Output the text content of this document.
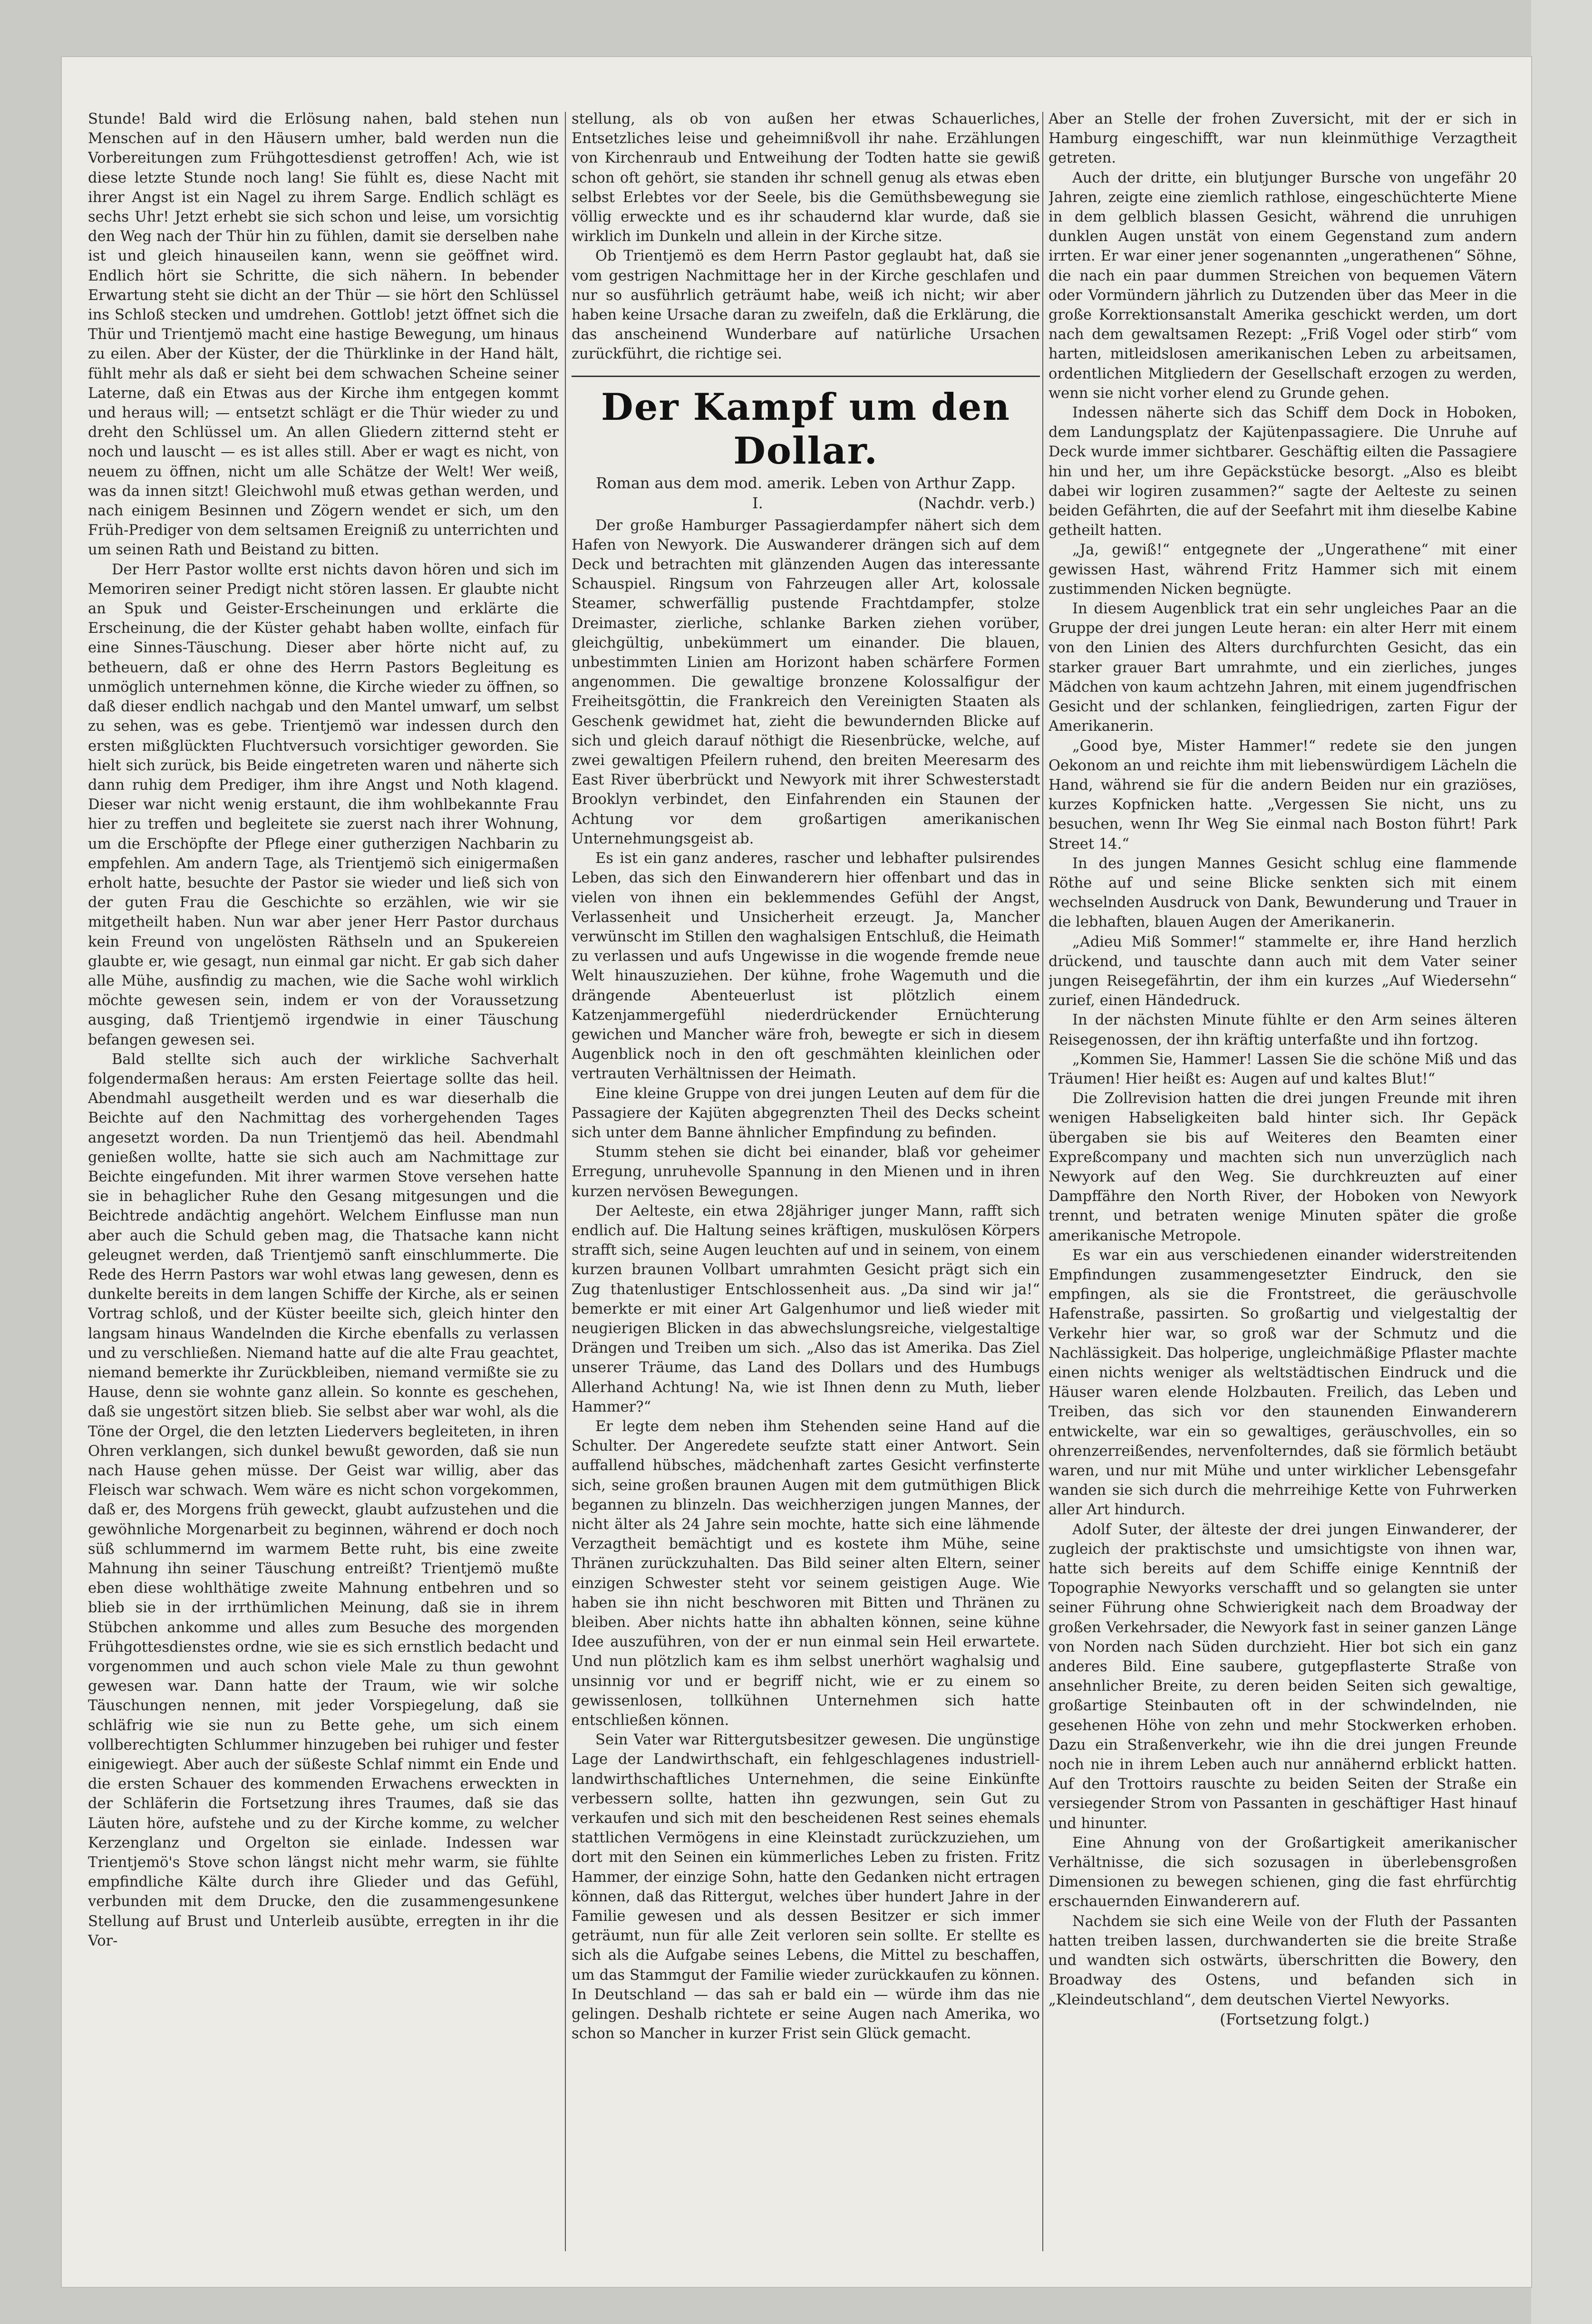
Stunde! Bald wird die Erlösung nahen, bald stehen nun Menschen auf in den Häusern umher, bald werden nun die Vorbereitungen zum Frühgottesdienst getroffen! Ach, wie ist diese letzte Stunde noch lang! Sie fühlt es, diese Nacht mit ihrer Angst ist ein Nagel zu ihrem Sarge. Endlich schlägt es sechs Uhr! Jetzt erhebt sie sich schon und leise, um vorsichtig den Weg nach der Thür hin zu fühlen, damit sie derselben nahe ist und gleich hinauseilen kann, wenn sie geöffnet wird. Endlich hört sie Schritte, die sich nähern. In bebender Erwartung steht sie dicht an der Thür — sie hört den Schlüssel ins Schloß stecken und umdrehen. Gottlob! jetzt öffnet sich die Thür und Trientjemö macht eine hastige Bewegung, um hinaus zu eilen. Aber der Küster, der die Thürklinke in der Hand hält, fühlt mehr als daß er sieht bei dem schwachen Scheine seiner Laterne, daß ein Etwas aus der Kirche ihm entgegen kommt und heraus will; — entsetzt schlägt er die Thür wieder zu und dreht den Schlüssel um. An allen Gliedern zitternd steht er noch und lauscht — es ist alles still. Aber er wagt es nicht, von neuem zu öffnen, nicht um alle Schätze der Welt! Wer weiß, was da innen sitzt! Gleichwohl muß etwas gethan werden, und nach einigem Besinnen und Zögern wendet er sich, um den Früh-Prediger von dem seltsamen Ereigniß zu unterrichten und um seinen Rath und Beistand zu bitten.

Der Herr Pastor wollte erst nichts davon hören und sich im Memoriren seiner Predigt nicht stören lassen. Er glaubte nicht an Spuk und Geister-Erscheinungen und erklärte die Erscheinung, die der Küster gehabt haben wollte, einfach für eine Sinnes-Täuschung. Dieser aber hörte nicht auf, zu betheuern, daß er ohne des Herrn Pastors Begleitung es unmöglich unternehmen könne, die Kirche wieder zu öffnen, so daß dieser endlich nachgab und den Mantel umwarf, um selbst zu sehen, was es gebe. Trientjemö war indessen durch den ersten mißglückten Fluchtversuch vorsichtiger geworden. Sie hielt sich zurück, bis Beide eingetreten waren und näherte sich dann ruhig dem Prediger, ihm ihre Angst und Noth klagend. Dieser war nicht wenig erstaunt, die ihm wohlbekannte Frau hier zu treffen und begleitete sie zuerst nach ihrer Wohnung, um die Erschöpfte der Pflege einer gutherzigen Nachbarin zu empfehlen. Am andern Tage, als Trientjemö sich einigermaßen erholt hatte, besuchte der Pastor sie wieder und ließ sich von der guten Frau die Geschichte so erzählen, wie wir sie mitgetheilt haben. Nun war aber jener Herr Pastor durchaus kein Freund von ungelösten Räthseln und an Spukereien glaubte er, wie gesagt, nun einmal gar nicht. Er gab sich daher alle Mühe, ausfindig zu machen, wie die Sache wohl wirklich möchte gewesen sein, indem er von der Voraussetzung ausging, daß Trientjemö irgendwie in einer Täuschung befangen gewesen sei.

Bald stellte sich auch der wirkliche Sachverhalt folgendermaßen heraus: Am ersten Feiertage sollte das heil. Abendmahl ausgetheilt werden und es war dieserhalb die Beichte auf den Nachmittag des vorhergehenden Tages angesetzt worden. Da nun Trientjemö das heil. Abendmahl genießen wollte, hatte sie sich auch am Nachmittage zur Beichte eingefunden. Mit ihrer warmen Stove versehen hatte sie in behaglicher Ruhe den Gesang mitgesungen und die Beichtrede andächtig angehört. Welchem Einflusse man nun aber auch die Schuld geben mag, die Thatsache kann nicht geleugnet werden, daß Trientjemö sanft einschlummerte. Die Rede des Herrn Pastors war wohl etwas lang gewesen, denn es dunkelte bereits in dem langen Schiffe der Kirche, als er seinen Vortrag schloß, und der Küster beeilte sich, gleich hinter den langsam hinaus Wandelnden die Kirche ebenfalls zu verlassen und zu verschließen. Niemand hatte auf die alte Frau geachtet, niemand bemerkte ihr Zurückbleiben, niemand vermißte sie zu Hause, denn sie wohnte ganz allein. So konnte es geschehen, daß sie ungestört sitzen blieb. Sie selbst aber war wohl, als die Töne der Orgel, die den letzten Liedervers begleiteten, in ihren Ohren verklangen, sich dunkel bewußt geworden, daß sie nun nach Hause gehen müsse. Der Geist war willig, aber das Fleisch war schwach. Wem wäre es nicht schon vorgekommen, daß er, des Morgens früh geweckt, glaubt aufzustehen und die gewöhnliche Morgenarbeit zu beginnen, während er doch noch süß schlummernd im warmem Bette ruht, bis eine zweite Mahnung ihn seiner Täuschung entreißt? Trientjemö mußte eben diese wohlthätige zweite Mahnung entbehren und so blieb sie in der irrthümlichen Meinung, daß sie in ihrem Stübchen ankomme und alles zum Besuche des morgenden Frühgottesdienstes ordne, wie sie es sich ernstlich bedacht und vorgenommen und auch schon viele Male zu thun gewohnt gewesen war. Dann hatte der Traum, wie wir solche Täuschungen nennen, mit jeder Vorspiegelung, daß sie schläfrig wie sie nun zu Bette gehe, um sich einem vollberechtigten Schlummer hinzugeben bei ruhiger und fester einigewiegt. Aber auch der süßeste Schlaf nimmt ein Ende und die ersten Schauer des kommenden Erwachens erweckten in der Schläferin die Fortsetzung ihres Traumes, daß sie das Läuten höre, aufstehe und zu der Kirche komme, zu welcher Kerzenglanz und Orgelton sie einlade. Indessen war Trientjemö's Stove schon längst nicht mehr warm, sie fühlte empfindliche Kälte durch ihre Glieder und das Gefühl, verbunden mit dem Drucke, den die zusammengesunkene Stellung auf Brust und Unterleib ausübte, erregten in ihr die Vor-

stellung, als ob von außen her etwas Schauerliches, Entsetzliches leise und geheimnißvoll ihr nahe. Erzählungen von Kirchenraub und Entweihung der Todten hatte sie gewiß schon oft gehört, sie standen ihr schnell genug als etwas eben selbst Erlebtes vor der Seele, bis die Gemüthsbewegung sie völlig erweckte und es ihr schaudernd klar wurde, daß sie wirklich im Dunkeln und allein in der Kirche sitze.

Ob Trientjemö es dem Herrn Pastor geglaubt hat, daß sie vom gestrigen Nachmittage her in der Kirche geschlafen und nur so ausführlich geträumt habe, weiß ich nicht; wir aber haben keine Ursache daran zu zweifeln, daß die Erklärung, die das anscheinend Wunderbare auf natürliche Ursachen zurückführt, die richtige sei.

Der Kampf um den Dollar.
Roman aus dem mod. amerik. Leben von Arthur Zapp.
I.	(Nachdr. verb.)

Der große Hamburger Passagierdampfer nähert sich dem Hafen von Newyork. Die Auswanderer drängen sich auf dem Deck und betrachten mit glänzenden Augen das interessante Schauspiel. Ringsum von Fahrzeugen aller Art, kolossale Steamer, schwerfällig pustende Frachtdampfer, stolze Dreimaster, zierliche, schlanke Barken ziehen vorüber, gleichgültig, unbekümmert um einander. Die blauen, unbestimmten Linien am Horizont haben schärfere Formen angenommen. Die gewaltige bronzene Kolossalfigur der Freiheitsgöttin, die Frankreich den Vereinigten Staaten als Geschenk gewidmet hat, zieht die bewundernden Blicke auf sich und gleich darauf nöthigt die Riesenbrücke, welche, auf zwei gewaltigen Pfeilern ruhend, den breiten Meeresarm des East River überbrückt und Newyork mit ihrer Schwesterstadt Brooklyn verbindet, den Einfahrenden ein Staunen der Achtung vor dem großartigen amerikanischen Unternehmungsgeist ab.

Es ist ein ganz anderes, rascher und lebhafter pulsirendes Leben, das sich den Einwanderern hier offenbart und das in vielen von ihnen ein beklemmendes Gefühl der Angst, Verlassenheit und Unsicherheit erzeugt. Ja, Mancher verwünscht im Stillen den waghalsigen Entschluß, die Heimath zu verlassen und aufs Ungewisse in die wogende fremde neue Welt hinauszuziehen. Der kühne, frohe Wagemuth und die drängende Abenteuerlust ist plötzlich einem Katzenjammergefühl niederdrückender Ernüchterung gewichen und Mancher wäre froh, bewegte er sich in diesem Augenblick noch in den oft geschmähten kleinlichen oder vertrauten Verhältnissen der Heimath.

Eine kleine Gruppe von drei jungen Leuten auf dem für die Passagiere der Kajüten abgegrenzten Theil des Decks scheint sich unter dem Banne ähnlicher Empfindung zu befinden.

Stumm stehen sie dicht bei einander, blaß vor geheimer Erregung, unruhevolle Spannung in den Mienen und in ihren kurzen nervösen Bewegungen.

Der Aelteste, ein etwa 28jähriger junger Mann, rafft sich endlich auf. Die Haltung seines kräftigen, muskulösen Körpers strafft sich, seine Augen leuchten auf und in seinem, von einem kurzen braunen Vollbart umrahmten Gesicht prägt sich ein Zug thatenlustiger Entschlossenheit aus. „Da sind wir ja!“ bemerkte er mit einer Art Galgenhumor und ließ wieder mit neugierigen Blicken in das abwechslungsreiche, vielgestaltige Drängen und Treiben um sich. „Also das ist Amerika. Das Ziel unserer Träume, das Land des Dollars und des Humbugs Allerhand Achtung! Na, wie ist Ihnen denn zu Muth, lieber Hammer?“

Er legte dem neben ihm Stehenden seine Hand auf die Schulter. Der Angeredete seufzte statt einer Antwort. Sein auffallend hübsches, mädchenhaft zartes Gesicht verfinsterte sich, seine großen braunen Augen mit dem gutmüthigen Blick begannen zu blinzeln. Das weichherzigen jungen Mannes, der nicht älter als 24 Jahre sein mochte, hatte sich eine lähmende Verzagtheit bemächtigt und es kostete ihm Mühe, seine Thränen zurückzuhalten. Das Bild seiner alten Eltern, seiner einzigen Schwester steht vor seinem geistigen Auge. Wie haben sie ihn nicht beschworen mit Bitten und Thränen zu bleiben. Aber nichts hatte ihn abhalten können, seine kühne Idee auszuführen, von der er nun einmal sein Heil erwartete. Und nun plötzlich kam es ihm selbst unerhört waghalsig und unsinnig vor und er begriff nicht, wie er zu einem so gewissenlosen, tollkühnen Unternehmen sich hatte entschließen können.

Sein Vater war Rittergutsbesitzer gewesen. Die ungünstige Lage der Landwirthschaft, ein fehlgeschlagenes industriell-landwirthschaftliches Unternehmen, die seine Einkünfte verbessern sollte, hatten ihn gezwungen, sein Gut zu verkaufen und sich mit den bescheidenen Rest seines ehemals stattlichen Vermögens in eine Kleinstadt zurückzuziehen, um dort mit den Seinen ein kümmerliches Leben zu fristen. Fritz Hammer, der einzige Sohn, hatte den Gedanken nicht ertragen können, daß das Rittergut, welches über hundert Jahre in der Familie gewesen und als dessen Besitzer er sich immer geträumt, nun für alle Zeit verloren sein sollte. Er stellte es sich als die Aufgabe seines Lebens, die Mittel zu beschaffen, um das Stammgut der Familie wieder zurückkaufen zu können. In Deutschland — das sah er bald ein — würde ihm das nie gelingen. Deshalb richtete er seine Augen nach Amerika, wo schon so Mancher in kurzer Frist sein Glück gemacht.

Aber an Stelle der frohen Zuversicht, mit der er sich in Hamburg eingeschifft, war nun kleinmüthige Verzagtheit getreten.

Auch der dritte, ein blutjunger Bursche von ungefähr 20 Jahren, zeigte eine ziemlich rathlose, eingeschüchterte Miene in dem gelblich blassen Gesicht, während die unruhigen dunklen Augen unstät von einem Gegenstand zum andern irrten. Er war einer jener sogenannten „ungerathenen“ Söhne, die nach ein paar dummen Streichen von bequemen Vätern oder Vormündern jährlich zu Dutzenden über das Meer in die große Korrektionsanstalt Amerika geschickt werden, um dort nach dem gewaltsamen Rezept: „Friß Vogel oder stirb“ vom harten, mitleidslosen amerikanischen Leben zu arbeitsamen, ordentlichen Mitgliedern der Gesellschaft erzogen zu werden, wenn sie nicht vorher elend zu Grunde gehen.

Indessen näherte sich das Schiff dem Dock in Hoboken, dem Landungsplatz der Kajütenpassagiere. Die Unruhe auf Deck wurde immer sichtbarer. Geschäftig eilten die Passagiere hin und her, um ihre Gepäckstücke besorgt. „Also es bleibt dabei wir logiren zusammen?“ sagte der Aelteste zu seinen beiden Gefährten, die auf der Seefahrt mit ihm dieselbe Kabine getheilt hatten.

„Ja, gewiß!“ entgegnete der „Ungerathene“ mit einer gewissen Hast, während Fritz Hammer sich mit einem zustimmenden Nicken begnügte.

In diesem Augenblick trat ein sehr ungleiches Paar an die Gruppe der drei jungen Leute heran: ein alter Herr mit einem von den Linien des Alters durchfurchten Gesicht, das ein starker grauer Bart umrahmte, und ein zierliches, junges Mädchen von kaum achtzehn Jahren, mit einem jugendfrischen Gesicht und der schlanken, feingliedrigen, zarten Figur der Amerikanerin.

„Good bye, Mister Hammer!“ redete sie den jungen Oekonom an und reichte ihm mit liebenswürdigem Lächeln die Hand, während sie für die andern Beiden nur ein graziöses, kurzes Kopfnicken hatte. „Vergessen Sie nicht, uns zu besuchen, wenn Ihr Weg Sie einmal nach Boston führt! Park Street 14.“

In des jungen Mannes Gesicht schlug eine flammende Röthe auf und seine Blicke senkten sich mit einem wechselnden Ausdruck von Dank, Bewunderung und Trauer in die lebhaften, blauen Augen der Amerikanerin.

„Adieu Miß Sommer!“ stammelte er, ihre Hand herzlich drückend, und tauschte dann auch mit dem Vater seiner jungen Reisegefährtin, der ihm ein kurzes „Auf Wiedersehn“ zurief, einen Händedruck.

In der nächsten Minute fühlte er den Arm seines älteren Reisegenossen, der ihn kräftig unterfaßte und ihn fortzog.

„Kommen Sie, Hammer! Lassen Sie die schöne Miß und das Träumen! Hier heißt es: Augen auf und kaltes Blut!“

Die Zollrevision hatten die drei jungen Freunde mit ihren wenigen Habseligkeiten bald hinter sich. Ihr Gepäck übergaben sie bis auf Weiteres den Beamten einer Expreßcompany und machten sich nun unverzüglich nach Newyork auf den Weg. Sie durchkreuzten auf einer Dampffähre den North River, der Hoboken von Newyork trennt, und betraten wenige Minuten später die große amerikanische Metropole.

Es war ein aus verschiedenen einander widerstreitenden Empfindungen zusammengesetzter Eindruck, den sie empfingen, als sie die Frontstreet, die geräuschvolle Hafenstraße, passirten. So großartig und vielgestaltig der Verkehr hier war, so groß war der Schmutz und die Nachlässigkeit. Das holperige, ungleichmäßige Pflaster machte einen nichts weniger als weltstädtischen Eindruck und die Häuser waren elende Holzbauten. Freilich, das Leben und Treiben, das sich vor den staunenden Einwanderern entwickelte, war ein so gewaltiges, geräuschvolles, ein so ohrenzerreißendes, nervenfolterndes, daß sie förmlich betäubt waren, und nur mit Mühe und unter wirklicher Lebensgefahr wanden sie sich durch die mehrreihige Kette von Fuhrwerken aller Art hindurch.

Adolf Suter, der älteste der drei jungen Einwanderer, der zugleich der praktischste und umsichtigste von ihnen war, hatte sich bereits auf dem Schiffe einige Kenntniß der Topographie Newyorks verschafft und so gelangten sie unter seiner Führung ohne Schwierigkeit nach dem Broadway der großen Verkehrsader, die Newyork fast in seiner ganzen Länge von Norden nach Süden durchzieht. Hier bot sich ein ganz anderes Bild. Eine saubere, gutgepflasterte Straße von ansehnlicher Breite, zu deren beiden Seiten sich gewaltige, großartige Steinbauten oft in der schwindelnden, nie gesehenen Höhe von zehn und mehr Stockwerken erhoben. Dazu ein Straßenverkehr, wie ihn die drei jungen Freunde noch nie in ihrem Leben auch nur annähernd erblickt hatten. Auf den Trottoirs rauschte zu beiden Seiten der Straße ein versiegender Strom von Passanten in geschäftiger Hast hinauf und hinunter.

Eine Ahnung von der Großartigkeit amerikanischer Verhältnisse, die sich sozusagen in überlebensgroßen Dimensionen zu bewegen schienen, ging die fast ehrfürchtig erschauernden Einwanderern auf.

Nachdem sie sich eine Weile von der Fluth der Passanten hatten treiben lassen, durchwanderten sie die breite Straße und wandten sich ostwärts, überschritten die Bowery, den Broadway des Ostens, und befanden sich in „Kleindeutschland“, dem deutschen Viertel Newyorks.

(Fortsetzung folgt.)
